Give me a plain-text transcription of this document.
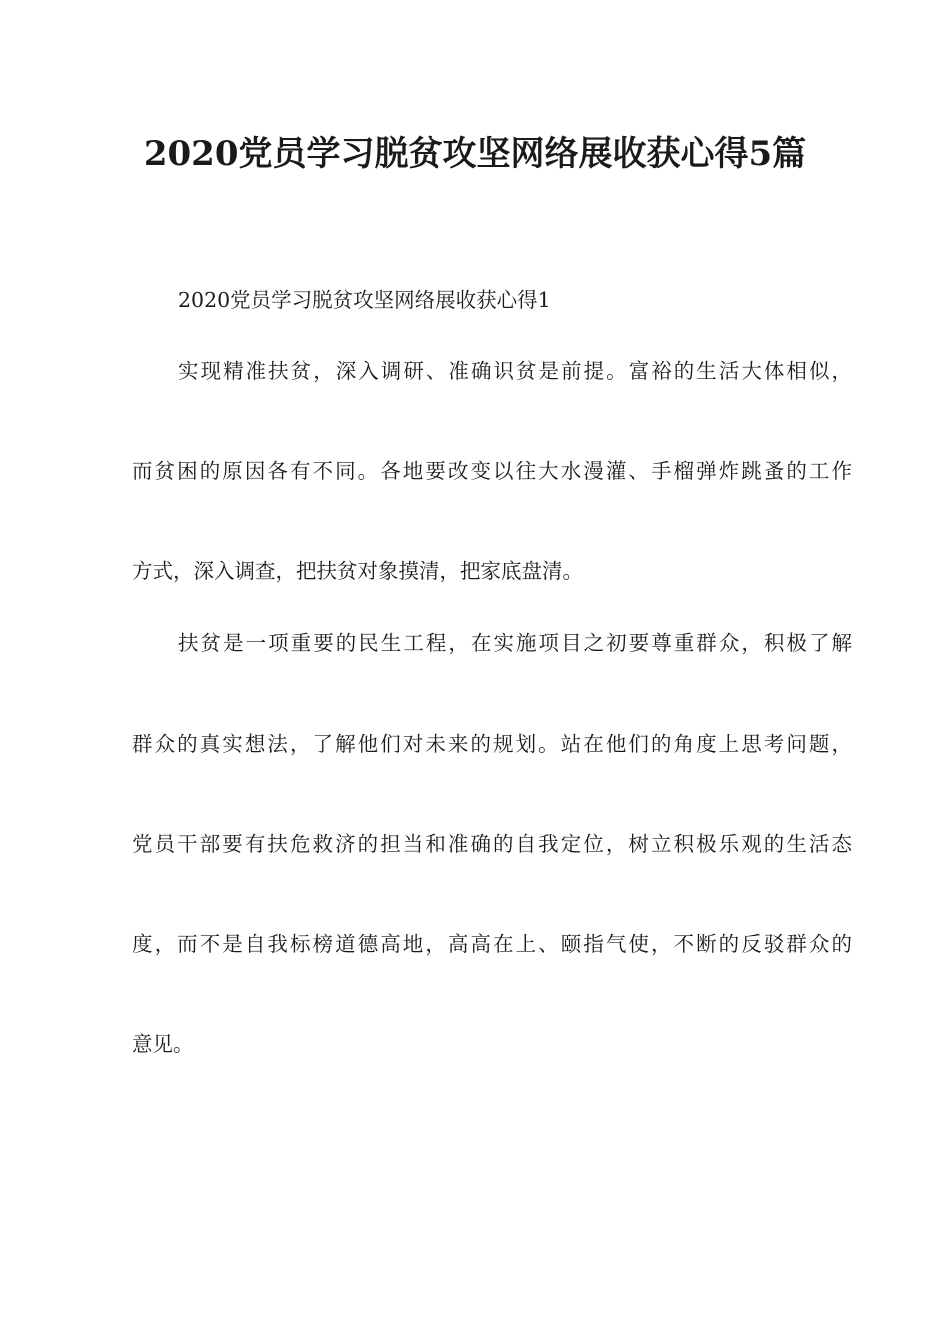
2020党员学习脱贫攻坚网络展收获心得5篇
2020党员学习脱贫攻坚网络展收获心得1
实现精准扶贫，深入调研、准确识贫是前提。富裕的生活大体相似，
而贫困的原因各有不同。各地要改变以往大水漫灌、手榴弹炸跳蚤的工作
方式，深入调查，把扶贫对象摸清，把家底盘清。
扶贫是一项重要的民生工程，在实施项目之初要尊重群众，积极了解
群众的真实想法，了解他们对未来的规划。站在他们的角度上思考问题，
党员干部要有扶危救济的担当和准确的自我定位，树立积极乐观的生活态
度，而不是自我标榜道德高地，高高在上、颐指气使，不断的反驳群众的
意见。
